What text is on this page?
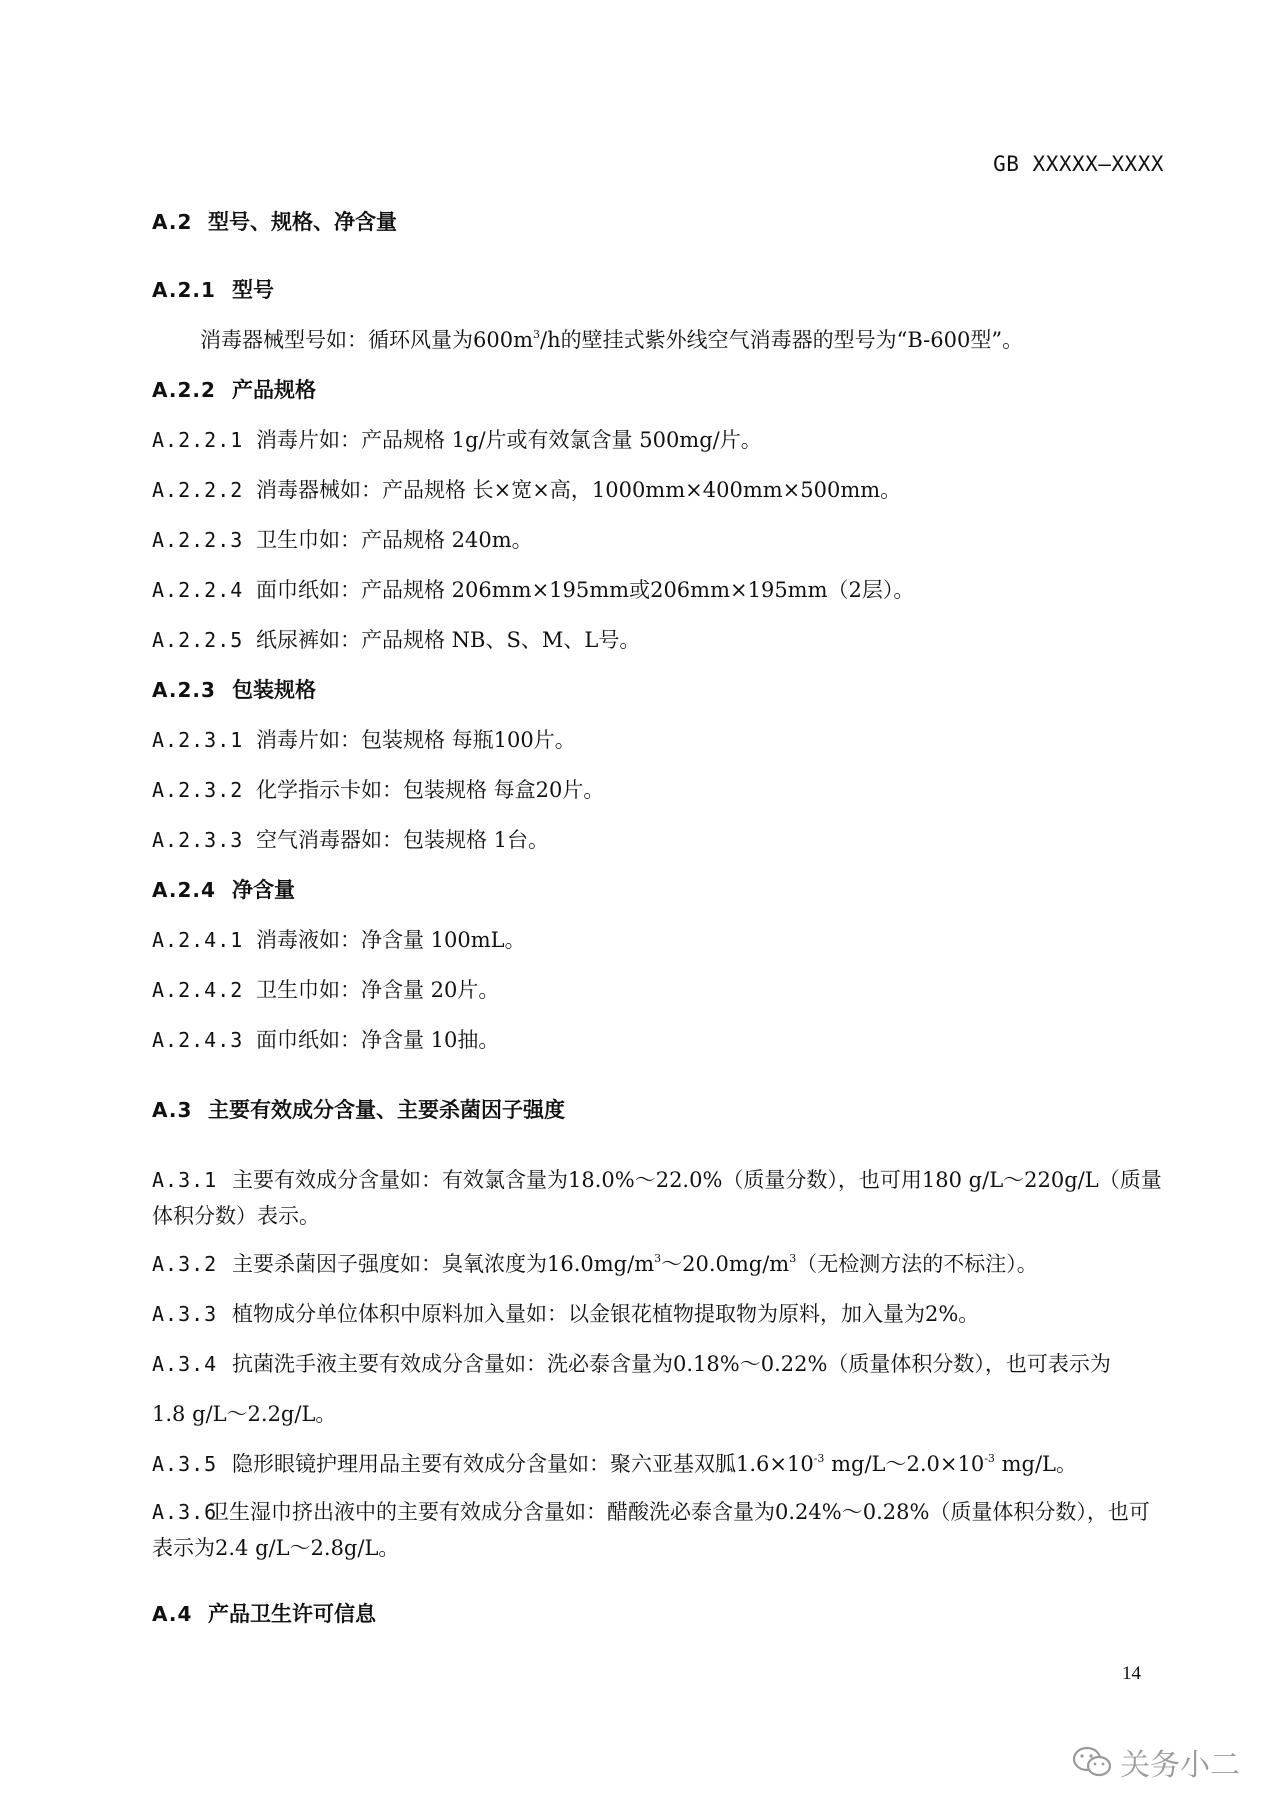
GB XXXXX—XXXX
A.2 型号、规格、净含量
A.2.1 型号
消毒器械型号如：循环风量为$600m^3/h$的壁挂式紫外线空气消毒器的型号为“B-600型”。
A.2.2 产品规格
A.2.2.1 消毒片如：产品规格 1g/片或有效氯含量 500mg/片。
A.2.2.2 消毒器械如：产品规格 长×宽×高，1000mm×400mm×500mm。
A.2.2.3 卫生巾如：产品规格 240m。
A.2.2.4 面巾纸如：产品规格 206mm×195mm或206mm×195mm（2层）。
A.2.2.5 纸尿裤如：产品规格 NB、S、M、L号。
A.2.3 包装规格
A.2.3.1 消毒片如：包装规格 每瓶100片。
A.2.3.2 化学指示卡如：包装规格 每盒20片。
A.2.3.3 空气消毒器如：包装规格 1台。
A.2.4 净含量
A.2.4.1 消毒液如：净含量 100mL。
A.2.4.2 卫生巾如：净含量 20片。
A.2.4.3 面巾纸如：净含量 10抽。
A.3 主要有效成分含量、主要杀菌因子强度
A.3.1 主要有效成分含量如：有效氯含量为18.0%～22.0%（质量分数），也可用180 g/L～220g/L（质量体积分数）表示。
A.3.2 主要杀菌因子强度如：臭氧浓度为$16.0mg/m^3\sim 20.0mg/m^3$（无检测方法的不标注）。
A.3.3 植物成分单位体积中原料加入量如：以金银花植物提取物为原料，加入量为2%。
A.3.4 抗菌洗手液主要有效成分含量如：洗必泰含量为0.18%～0.22%（质量体积分数），也可表示为
1.8 g/L～2.2g/L。
A.3.5 隐形眼镜护理用品主要有效成分含量如：聚六亚基双胍$1.6\times 10^{-3}$ $mg/L\sim 2.0\times 10^{-3}$ mg/L。
A.3.6卫生湿巾挤出液中的主要有效成分含量如：醋酸洗必泰含量为0.24%～0.28%（质量体积分数），也可表示为2.4 g/L～2.8g/L。
A.4 产品卫生许可信息
14
关务小二
